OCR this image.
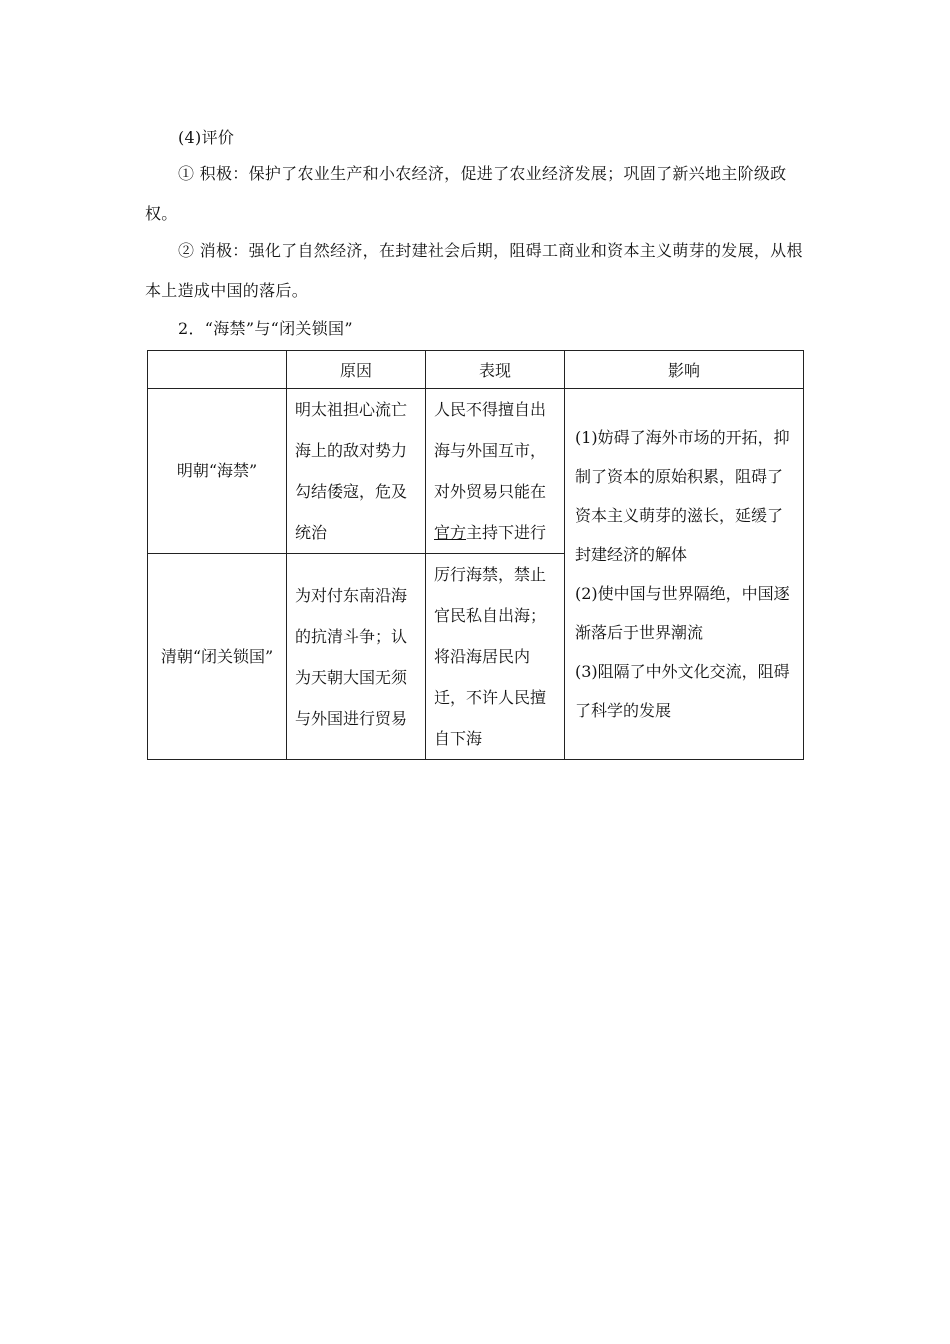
(4)评价
① 积极：保护了农业生产和小农经济，促进了农业经济发展；巩固了新兴地主阶级政权。
② 消极：强化了自然经济，在封建社会后期，阻碍工商业和资本主义萌芽的发展，从根本上造成中国的落后。
2．“海禁”与“闭关锁国”
	原因	表现	影响

明朝“海禁”	明太祖担心流亡海上的敌对势力勾结倭寇，危及统治	人民不得擅自出海与外国互市，对外贸易只能在官方主持下进行	(1)妨碍了海外市场的开拓，抑制了资本的原始积累，阻碍了资本主义萌芽的滋长，延缓了封建经济的解体
(2)使中国与世界隔绝，中国逐渐落后于世界潮流
(3)阻隔了中外文化交流，阻碍了科学的发展

清朝“闭关锁国”	为对付东南沿海的抗清斗争；认为天朝大国无须与外国进行贸易	厉行海禁，禁止官民私自出海；将沿海居民内迁，不许人民擅自下海	
